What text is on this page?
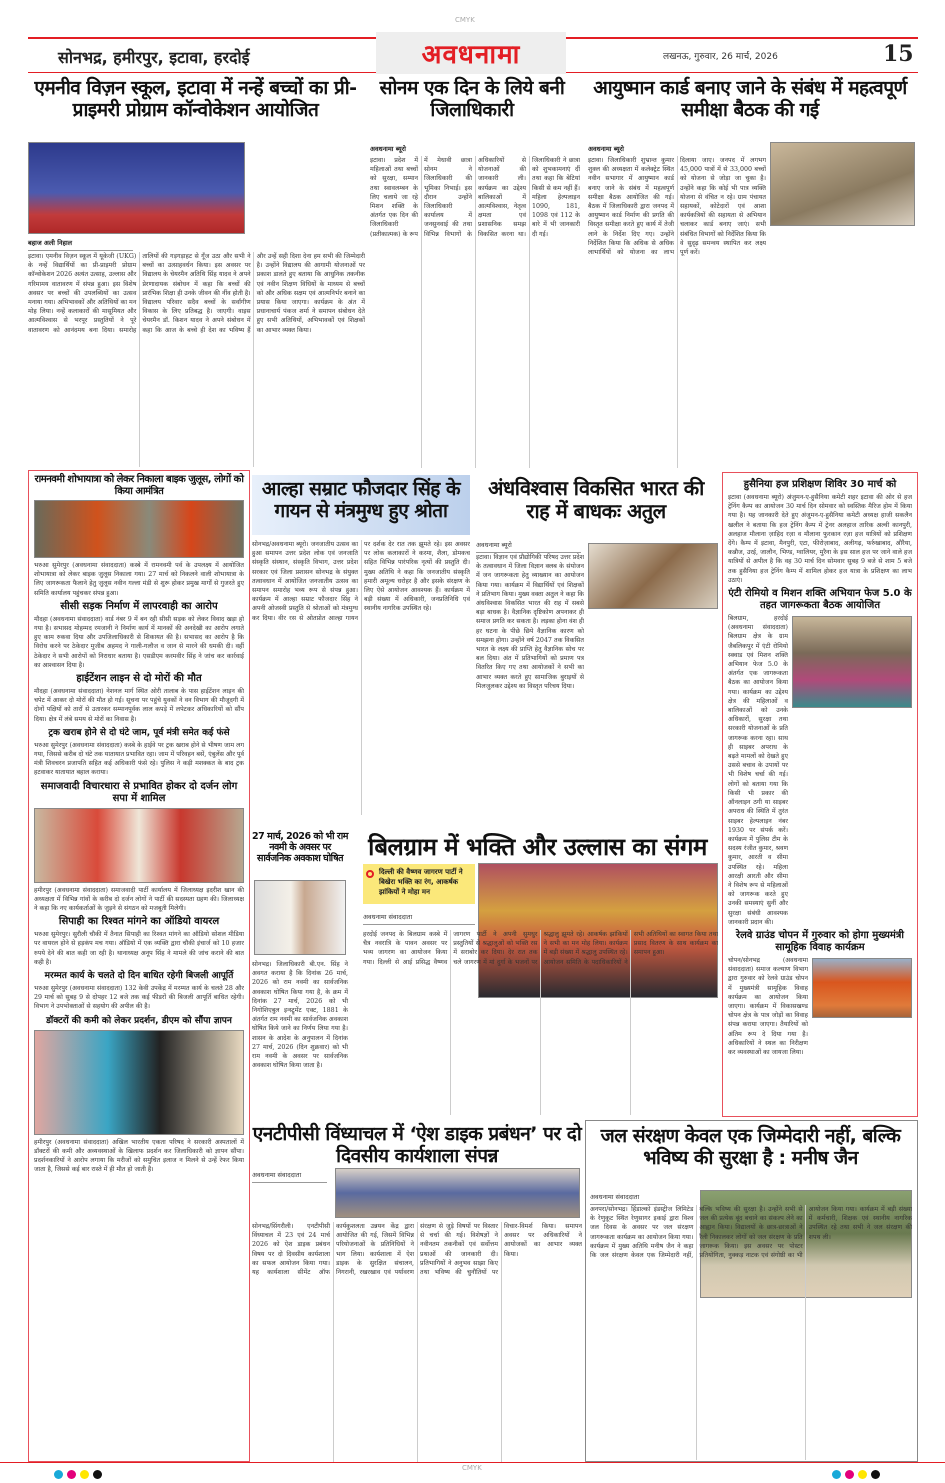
CMYK
सोनभद्र, हमीरपुर, इटावा, हरदोई	अवधनामा	लखनऊ, गुरुवार, 26 मार्च, 2026	15
एमनीव विज़न स्कूल, इटावा में नन्हें बच्चों का प्री-प्राइमरी प्रोग्राम कॉन्वोकेशन आयोजित
सोनम एक दिन के लिये बनी जिलाधिकारी
आयुष्मान कार्ड बनाए जाने के संबंध में महत्वपूर्ण समीक्षा बैठक की गई
बहाज अली निहाल
इटावा। एमनीव विज़न स्कूल में यूकेजी (UKG) के नन्हें विद्यार्थियों का प्री-प्राइमरी प्रोग्राम कॉन्वोकेशन 2026 अत्यंत उत्साह, उल्लास और गरिमामय वातावरण में संपन्न हुआ। इस विशेष अवसर पर बच्चों की उपलब्धियों का उत्सव मनाया गया। अभिभावकों और अतिथियों का मन मोह लिया। नन्हें कलाकारों की मासूमियत और आत्मविश्वास से भरपूर प्रस्तुतियों ने पूरे वातावरण को आनंदमय बना दिया। समारोह तालियों की गड़गड़ाहट से गूँज उठा और सभी ने बच्चों का उत्साहवर्धन किया। इस अवसर पर विद्यालय के चेयरमैन अतिथि सिंह यादव ने अपने प्रेरणादायक संबोधन में कहा कि बच्चों की प्रारंभिक शिक्षा ही उनके जीवन की नींव होती है। विद्यालय परिवार सदैव बच्चों के सर्वांगीण विकास के लिए प्रतिबद्ध है। जाएगी। वाइस चेयरमैन डॉ. किशन यादव ने अपने संबोधन में कहा कि आज के बच्चे ही देश का भविष्य हैं और उन्हें सही दिशा देना हम सभी की जिम्मेदारी है। उन्होंने विद्यालय की आगामी योजनाओं पर प्रकाश डालते हुए बताया कि आधुनिक तकनीक एवं नवीन शिक्षण विधियों के माध्यम से बच्चों को और अधिक सक्षम एवं आत्मनिर्भर बनाने का प्रयास किया जाएगा। कार्यक्रम के अंत में प्रधानाचार्य पंकज शर्मा ने समापन संबोधन देते हुए सभी अतिथियों, अभिभावकों एवं शिक्षकों का आभार व्यक्त किया।
अवधनामा ब्यूरो
इटावा। प्रदेश में महिलाओं तथा बच्चों को सुरक्षा, सम्मान तथा स्वावलम्बन के लिए चलाये जा रहे मिशन शक्ति के अंतर्गत एक दिन की जिलाधिकारी (प्रतीकात्मक) के रूप में मेधावी छात्रा सोनम ने जिलाधिकारी की भूमिका निभाई। इस दौरान उन्होंने जिलाधिकारी कार्यालय में जनसुनवाई की तथा विभिन्न विभागों के अधिकारियों से योजनाओं की जानकारी ली। कार्यक्रम का उद्देश्य बालिकाओं में आत्मविश्वास, नेतृत्व क्षमता एवं प्रशासनिक समझ विकसित करना था। जिलाधिकारी ने छात्रा को शुभकामनाएं दीं तथा कहा कि बेटियां किसी से कम नहीं हैं। महिला हेल्पलाइन 1090, 181, 1098 एवं 112 के बारे में भी जानकारी दी गई।
अवधनामा ब्यूरो
इटावा। जिलाधिकारी शुभ्रान्त कुमार शुक्ल की अध्यक्षता में कलेक्ट्रेट स्थित नवीन सभागार में आयुष्मान कार्ड बनाए जाने के संबंध में महत्वपूर्ण समीक्षा बैठक आयोजित की गई। बैठक में जिलाधिकारी द्वारा जनपद में आयुष्मान कार्ड निर्माण की प्रगति की विस्तृत समीक्षा करते हुए कार्य में तेजी लाने के निर्देश दिए गए। उन्होंने निर्देशित किया कि अधिक से अधिक लाभार्थियों को योजना का लाभ दिलाया जाए। जनपद में लगभग 45,000 पात्रों में से 33,000 बच्चों को योजना से जोड़ा जा चुका है। उन्होंने कहा कि कोई भी पात्र व्यक्ति योजना से वंचित न रहे। ग्राम पंचायत सहायकों, कोटेदारों एवं आशा कार्यकत्रियों की सहायता से अभियान चलाकर कार्ड बनाए जाएं। सभी संबंधित विभागों को निर्देशित किया कि वे सुदृढ़ समन्वय स्थापित कर लक्ष्य पूर्ण करें।
रामनवमी शोभायात्रा को लेकर निकाला बाइक जुलूस, लोगों को किया आमंत्रित
भरुआ सुमेरपुर (अवधनामा संवाददाता) कस्बे में रामनवमी पर्व के उपलक्ष्य में आयोजित शोभायात्रा को लेकर बाइक जुलूस निकाला गया। 27 मार्च को निकलने वाली शोभायात्रा के लिए जागरूकता फैलाने हेतु जुलूस नवीन गल्ला मंडी से शुरू होकर प्रमुख मार्गों से गुजरते हुए समिति कार्यालय पहुंचकर संपन्न हुआ।
सीसी सड़क निर्माण में लापरवाही का आरोप
मौदहा (अवधनामा संवाददाता) वार्ड नंबर 9 में बन रही सीसी सड़क को लेकर विवाद खड़ा हो गया है। सभासद मोहम्मद रमजानी ने निर्माण कार्य में मानकों की अनदेखी का आरोप लगाते हुए काम रुकवा दिया और उपजिलाधिकारी से शिकायत की है। सभासद का आरोप है कि विरोध करने पर ठेकेदार मुजीब अहमद ने गाली-गलौज व जान से मारने की धमकी दी। वहीं ठेकेदार ने सभी आरोपों को निराधार बताया है। एसडीएम करमवीर सिंह ने जांच कर कार्रवाई का आश्वासन दिया है।
हाईटेंशन लाइन से दो मोरों की मौत
मौदहा (अवधनामा संवाददाता) नेशनल मार्ग स्थित ओरी तालाब के पास हाईटेंशन लाइन की चपेट में आकर दो मोरों की मौत हो गई। सूचना पर पहुंचे युवकों ने वन विभाग की मौजूदगी में दोनों पक्षियों को तारों से उतारकर सम्मानपूर्वक लाल कपड़े में लपेटकर अधिकारियों को सौंप दिया। क्षेत्र में लंबे समय से मोरों का निवास है।
ट्रक खराब होने से दो घंटे जाम, पूर्व मंत्री समेत कई फंसे
भरुआ सुमेरपुर (अवधनामा संवाददाता) कस्बे के हाईवे पर ट्रक खराब होने से भीषण जाम लग गया, जिससे करीब दो घंटे तक यातायात प्रभावित रहा। जाम में परिवहन बसें, एंबुलेंस और पूर्व मंत्री शिवचरन प्रजापति सहित कई अधिकारी फंसे रहे। पुलिस ने कड़ी मशक्कत के बाद ट्रक हटवाकर यातायात बहाल कराया।
समाजवादी विचारधारा से प्रभावित होकर दो दर्जन लोग सपा में शामिल
हमीरपुर (अवधनामा संवाददाता) समाजवादी पार्टी कार्यालय में जिलाध्यक्ष इदरीश खान की अध्यक्षता में विभिन्न गांवों के करीब दो दर्जन लोगों ने पार्टी की सदस्यता ग्रहण की। जिलाध्यक्ष ने कहा कि नए कार्यकर्ताओं के जुड़ने से संगठन को मजबूती मिलेगी।
सिपाही का रिश्वत मांगने का ऑडियो वायरल
भरुआ सुमेरपुर। सुरौली चौकी में तैनात सिपाही का रिश्वत मांगने का ऑडियो सोशल मीडिया पर वायरल होने से हड़कंप मच गया। ऑडियो में एक व्यक्ति द्वारा चौकी इंचार्ज को 10 हजार रुपये देने की बात कही जा रही है। थानाध्यक्ष अनूप सिंह ने मामले की जांच कराने की बात कही है।
मरम्मत कार्य के चलते दो दिन बाधित रहेगी बिजली आपूर्ति
भरुआ सुमेरपुर (अवधनामा संवाददाता) 132 केवी उपकेंद्र में मरम्मत कार्य के चलते 28 और 29 मार्च को सुबह 9 से दोपहर 12 बजे तक कई फीडरों की बिजली आपूर्ति बाधित रहेगी। विभाग ने उपभोक्ताओं से सहयोग की अपील की है।
डॉक्टरों की कमी को लेकर प्रदर्शन, डीएम को सौंपा ज्ञापन
हमीरपुर (अवधनामा संवाददाता) अखिल भारतीय एकता परिषद ने सरकारी अस्पतालों में डॉक्टरों की कमी और अव्यवस्थाओं के खिलाफ प्रदर्शन कर जिलाधिकारी को ज्ञापन सौंपा। प्रदर्शनकारियों ने आरोप लगाया कि मरीजों को समुचित इलाज न मिलने से उन्हें रेफर किया जाता है, जिससे कई बार रास्ते में ही मौत हो जाती है।
आल्हा सम्राट फौजदार सिंह के गायन से मंत्रमुग्ध हुए श्रोता
सोनभद्र/अवधनामा ब्यूरो। जनजातीय उत्सव का हुआ समापन उत्तर प्रदेश लोक एवं जनजाति संस्कृति संस्थान, संस्कृति विभाग, उत्तर प्रदेश सरकार एवं जिला प्रशासन सोनभद्र के संयुक्त तत्वावधान में आयोजित जनजातीय उत्सव का समापन समारोह भव्य रूप से संपन्न हुआ। कार्यक्रम में आल्हा सम्राट फौजदार सिंह ने अपनी ओजस्वी प्रस्तुति से श्रोताओं को मंत्रमुग्ध कर दिया। वीर रस से ओतप्रोत आल्हा गायन पर दर्शक देर रात तक झूमते रहे। इस अवसर पर लोक कलाकारों ने करमा, शैला, डोमकच सहित विभिन्न पारंपरिक नृत्यों की प्रस्तुति दी। मुख्य अतिथि ने कहा कि जनजातीय संस्कृति हमारी अमूल्य धरोहर है और इसके संरक्षण के लिए ऐसे आयोजन आवश्यक हैं। कार्यक्रम में बड़ी संख्या में अधिकारी, जनप्रतिनिधि एवं स्थानीय नागरिक उपस्थित रहे।
अंधविश्वास विकसित भारत की राह में बाधकः अतुल
अवधनामा ब्यूरो
इटावा। विज्ञान एवं प्रौद्योगिकी परिषद उत्तर प्रदेश के तत्वावधान में जिला विज्ञान क्लब के संयोजन में जन जागरूकता हेतु व्याख्यान का आयोजन किया गया। कार्यक्रम में विद्यार्थियों एवं शिक्षकों ने प्रतिभाग किया। मुख्य वक्ता अतुल ने कहा कि अंधविश्वास विकसित भारत की राह में सबसे बड़ा बाधक है। वैज्ञानिक दृष्टिकोण अपनाकर ही समाज प्रगति कर सकता है। लड़का होना वंश ही हर घटना के पीछे छिपे वैज्ञानिक कारण को समझना होगा। उन्होंने वर्ष 2047 तक विकसित भारत के लक्ष्य की प्राप्ति हेतु वैज्ञानिक सोच पर बल दिया। अंत में प्रतिभागियों को प्रमाण पत्र वितरित किए गए तथा आयोजकों ने सभी का आभार व्यक्त करते हुए सामाजिक बुराइयों से मिलजुलकर उद्देश्य का विस्तृत परिचय दिया।
हुसैनिया हज प्रशिक्षण शिविर 30 मार्च को
इटावा (अवधनामा ब्यूरो) अंजुमन-ए-हुसैनिया कमेटी शहर इटावा की ओर से हज ट्रेनिंग कैम्प का आयोजन 30 मार्च दिन सोमवार को स्वस्तिक मैरिज होम में किया गया है। यह जानकारी देते हुए अंजुमन-ए-हुसैनिया कमेटी अध्यक्ष हाजी सकलैन खलील ने बताया कि हज ट्रेनिंग कैम्प में ट्रेनर अलहाज तारिक अल्वी कानपुरी, अलहाज मौलाना ज़ाहिद रज़ा व मौलाना फुरकान रज़ा हज यात्रियों को प्रशिक्षण देंगे। कैम्प में इटावा, मैनपुरी, एटा, फीरोज़ाबाद, अलीगढ़, फर्रुखाबाद, औरैया, कन्नौज, उरई, जालौन, भिण्ड, ग्वालियर, मुरैना के इस साल हज पर जाने वाले हज यात्रियों से अपील है कि वह 30 मार्च दिन सोमवार सुबह 9 बजे से शाम 5 बजे तक हुसैनिया हज ट्रेनिंग कैम्प में शामिल होकर हज यात्रा के प्रशिक्षण का लाभ उठाएं।
एंटी रोमियो व मिशन शक्ति अभियान फेज 5.0 के तहत जागरूकता बैठक आयोजित
बिलग्राम, हरदोई (अवधनामा संवाददाता) बिलग्राम क्षेत्र के ग्राम जैबलिकपुर में एंटी रोमियो स्क्वाड एवं मिशन शक्ति अभियान फेज 5.0 के अंतर्गत एक जागरूकता बैठक का आयोजन किया गया। कार्यक्रम का उद्देश्य क्षेत्र की महिलाओं व बालिकाओं को उनके अधिकारों, सुरक्षा तथा सरकारी योजनाओं के प्रति जागरूक करना रहा। साथ ही साइबर अपराध के बढ़ते मामलों को देखते हुए उससे बचाव के उपायों पर भी विशेष चर्चा की गई। लोगों को बताया गया कि किसी भी प्रकार की ऑनलाइन ठगी या साइबर अपराध की स्थिति में तुरंत साइबर हेल्पलाइन नंबर 1930 पर संपर्क करें। कार्यक्रम में पुलिस टीम के सदस्य रंजीत कुमार, श्रवण कुमार, आरती व सीमा उपस्थित रहे। महिला आरक्षी आरती और सीमा ने विशेष रूप से महिलाओं को जागरूक करते हुए उनकी समस्याएं सुनीं और सुरक्षा संबंधी आवश्यक जानकारी प्रदान की।
रेलवे ग्राउंड चोपन में गुरुवार को होगा मुख्यमंत्री सामूहिक विवाह कार्यक्रम
चोपन/सोनभद्र (अवधनामा संवाददाता) समाज कल्याण विभाग द्वारा गुरुवार को रेलवे ग्राउंड चोपन में मुख्यमंत्री सामूहिक विवाह कार्यक्रम का आयोजन किया जाएगा। कार्यक्रम में विकासखण्ड चोपन क्षेत्र के पात्र जोड़ों का विवाह संपन्न कराया जाएगा। तैयारियों को अंतिम रूप दे दिया गया है। अधिकारियों ने स्थल का निरीक्षण कर व्यवस्थाओं का जायजा लिया।
27 मार्च, 2026 को भी राम नवमी के अवसर पर सार्वजनिक अवकाश घोषित
सोनभद्र। जिलाधिकारी बी.एन. सिंह ने अवगत कराया है कि दिनांक 26 मार्च, 2026 को राम नवमी का सार्वजनिक अवकाश घोषित किया गया है, के क्रम में दिनांक 27 मार्च, 2026 को भी निगोशिएबुल इन्स्ट्रूमेंट एक्ट, 1881 के अंतर्गत राम नवमी का सार्वजनिक अवकाश घोषित किये जाने का निर्णय लिया गया है। शासन के आदेश के अनुपालन में दिनांक 27 मार्च, 2026 (दिन शुक्रवार) को भी राम नवमी के अवसर पर सार्वजनिक अवकाश घोषित किया जाता है।
बिलग्राम में भक्ति और उल्लास का संगम
दिल्ली की वैष्णव जागरण पार्टी ने बिखेरा भक्ति का रंग, आकर्षक झांकियों ने मोहा मन
अवधनामा संवाददाता
हरदोई जनपद के बिलग्राम कस्बे में चैत्र नवरात्रि के पावन अवसर पर भव्य जागरण का आयोजन किया गया। दिल्ली से आई प्रसिद्ध वैष्णव जागरण पार्टी ने अपनी सुमधुर प्रस्तुतियों से श्रद्धालुओं को भक्ति रस में सराबोर कर दिया। देर रात तक चले जागरण में मां दुर्गा के भजनों पर श्रद्धालु झूमते रहे। आकर्षक झांकियों ने सभी का मन मोह लिया। कार्यक्रम में बड़ी संख्या में श्रद्धालु उपस्थित रहे। आयोजन समिति के पदाधिकारियों ने सभी अतिथियों का स्वागत किया तथा प्रसाद वितरण के साथ कार्यक्रम का समापन हुआ।
एनटीपीसी विंध्याचल में ‘ऐश डाइक प्रबंधन’ पर दो दिवसीय कार्यशाला संपन्न
अवधनामा संवाददाता
सोनभद्र/सिंगरौली। एनटीपीसी विंध्याचल में 23 एवं 24 मार्च 2026 को ऐश डाइक प्रबंधन विषय पर दो दिवसीय कार्यशाला का सफल आयोजन किया गया। यह कार्यशाला सीमेंट ऑफ कार्यकुशलता उन्नयन केंद्र द्वारा आयोजित की गई, जिसमें विभिन्न परियोजनाओं के प्रतिनिधियों ने भाग लिया। कार्यशाला में ऐश डाइक के सुरक्षित संचालन, निगरानी, रखरखाव एवं पर्यावरण संरक्षण से जुड़े विषयों पर विस्तार से चर्चा की गई। विशेषज्ञों ने नवीनतम तकनीकों एवं सर्वोत्तम प्रथाओं की जानकारी दी। प्रतिभागियों ने अनुभव साझा किए तथा भविष्य की चुनौतियों पर विचार-विमर्श किया। समापन अवसर पर अधिकारियों ने आयोजकों का आभार व्यक्त किया।
जल संरक्षण केवल एक जिम्मेदारी नहीं, बल्कि भविष्य की सुरक्षा है : मनीष जैन
अवधनामा संवाददाता
अनपरा/सोनभद्र। हिंडाल्को इंडस्ट्रीज लिमिटेड के रेणुकूट स्थित रेणुसागर इकाई द्वारा विश्व जल दिवस के अवसर पर जल संरक्षण जागरूकता कार्यक्रम का आयोजन किया गया। कार्यक्रम में मुख्य अतिथि मनीष जैन ने कहा कि जल संरक्षण केवल एक जिम्मेदारी नहीं, बल्कि भविष्य की सुरक्षा है। उन्होंने सभी से जल की प्रत्येक बूंद बचाने का संकल्प लेने का आह्वान किया। विद्यालयों के छात्र-छात्राओं ने रैली निकालकर लोगों को जल संरक्षण के प्रति जागरूक किया। इस अवसर पर पोस्टर प्रतियोगिता, नुक्कड़ नाटक एवं संगोष्ठी का भी आयोजन किया गया। कार्यक्रम में बड़ी संख्या में कर्मचारी, शिक्षक एवं स्थानीय नागरिक उपस्थित रहे तथा सभी ने जल संरक्षण की शपथ ली।
CMYK
